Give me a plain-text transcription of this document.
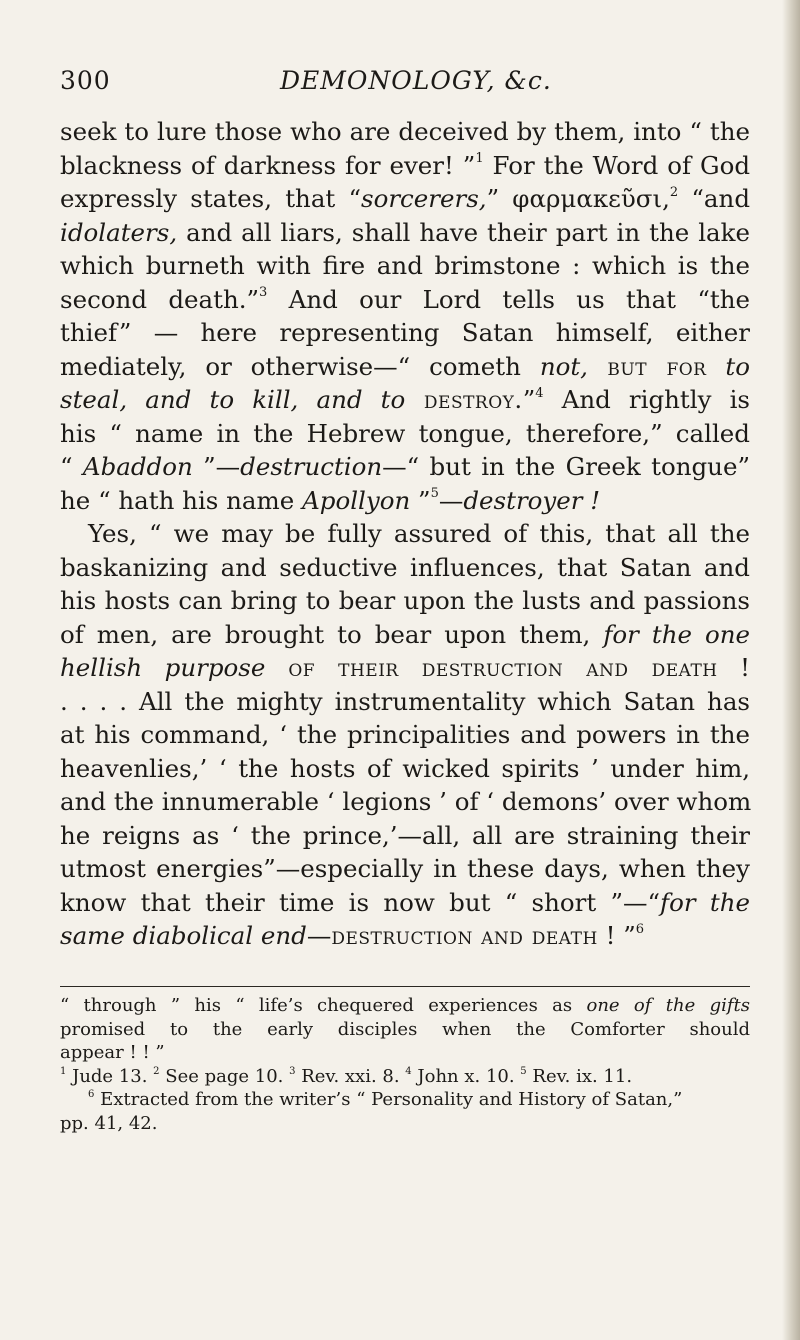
300	DEMONOLOGY, &c.
seek to lure those who are deceived by them, into “ the
blackness of darkness for ever! ”$^1$ For the Word of God
expressly states, that “sorcerers,” φαρμακεῦσι,$^2$ “and
idolaters, and all liars, shall have their part in the lake
which burneth with fire and brimstone : which is the
second death.”$^3$ And our Lord tells us that “the
thief” — here representing Satan himself, either
mediately, or otherwise—“ cometh not, but for to
steal, and to kill, and to destroy.”$^4$ And rightly is
his “ name in the Hebrew tongue, therefore,” called
“ Abaddon ”—destruction—“ but in the Greek tongue”
he “ hath his name Apollyon ”$^5$—destroyer !
Yes, “ we may be fully assured of this, that all the
baskanizing and seductive influences, that Satan and
his hosts can bring to bear upon the lusts and passions
of men, are brought to bear upon them, for the one
hellish purpose of their destruction and death !
. . . . All the mighty instrumentality which Satan has
at his command, ‘ the principalities and powers in the
heavenlies,’ ‘ the hosts of wicked spirits ’ under him,
and the innumerable ‘ legions ’ of ‘ demons’ over whom
he reigns as ‘ the prince,’—all, all are straining their
utmost energies”—especially in these days, when they
know that their time is now but “ short ”—“for the
same diabolical end—destruction and death ! ”$^6$
“ through ” his “ life’s chequered experiences as one of the gifts
promised to the early disciples when the Comforter should
appear ! ! ”
$^1$ Jude 13. $^2$ See page 10. $^3$ Rev. xxi. 8. $^4$ John x. 10. $^5$ Rev. ix. 11.
$^6$ Extracted from the writer’s “ Personality and History of Satan,”
pp. 41, 42.
